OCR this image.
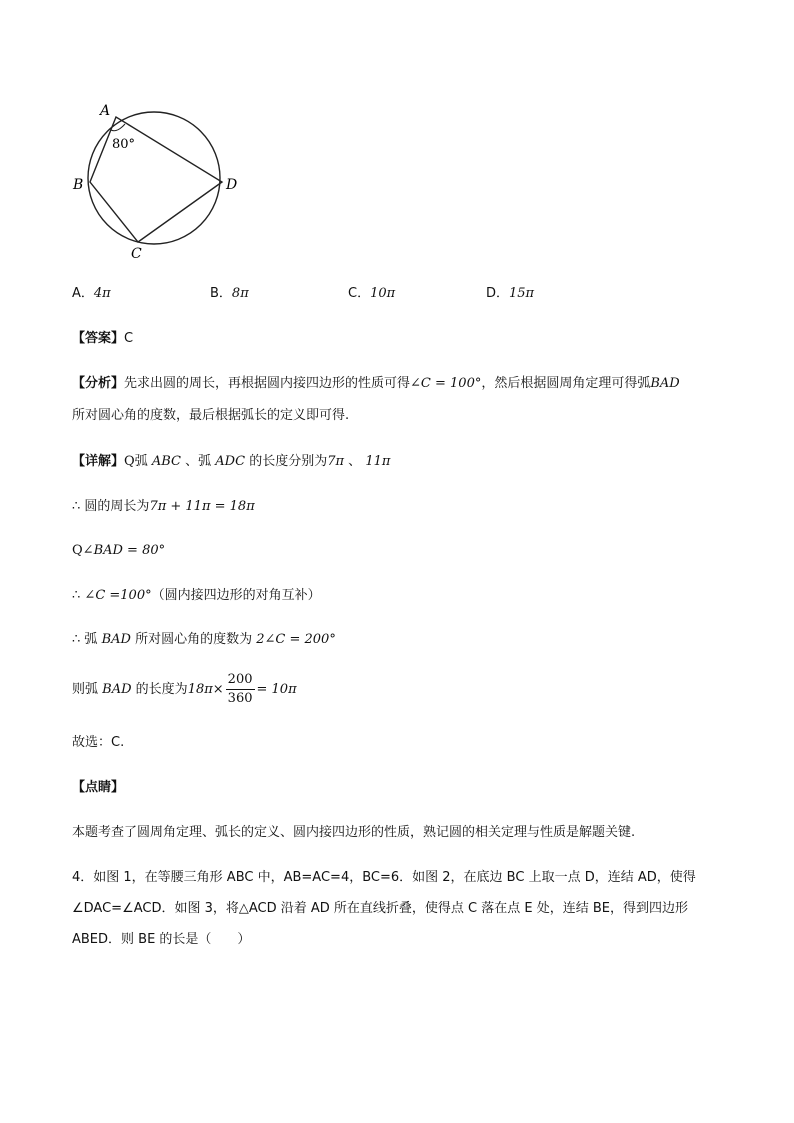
A
B
C
D
80°
A．4π	B．8π	C．10π	D．15π
【答案】C
【分析】先求出圆的周长，再根据圆内接四边形的性质可得∠C = 100°，然后根据圆周角定理可得弧BAD
所对圆心角的度数，最后根据弧长的定义即可得.
【详解】Q弧 ABC 、弧 ADC 的长度分别为7π 、 11π
∴ 圆的周长为7π + 11π = 18π
Q∠BAD = 80°
∴ ∠C =100°（圆内接四边形的对角互补）
∴ 弧 BAD 所对圆心角的度数为 2∠C = 200°
则弧 BAD 的长度为$18\pi\times \frac{200}{360} = 10\pi$
故选：C.
【点睛】
本题考查了圆周角定理、弧长的定义、圆内接四边形的性质，熟记圆的相关定理与性质是解题关键.
4．如图 1，在等腰三角形 ABC 中，AB=AC=4，BC=6．如图 2，在底边 BC 上取一点 D，连结 AD，使得
∠DAC=∠ACD．如图 3，将△ACD 沿着 AD 所在直线折叠，使得点 C 落在点 E 处，连结 BE，得到四边形
ABED．则 BE 的长是（　　）
